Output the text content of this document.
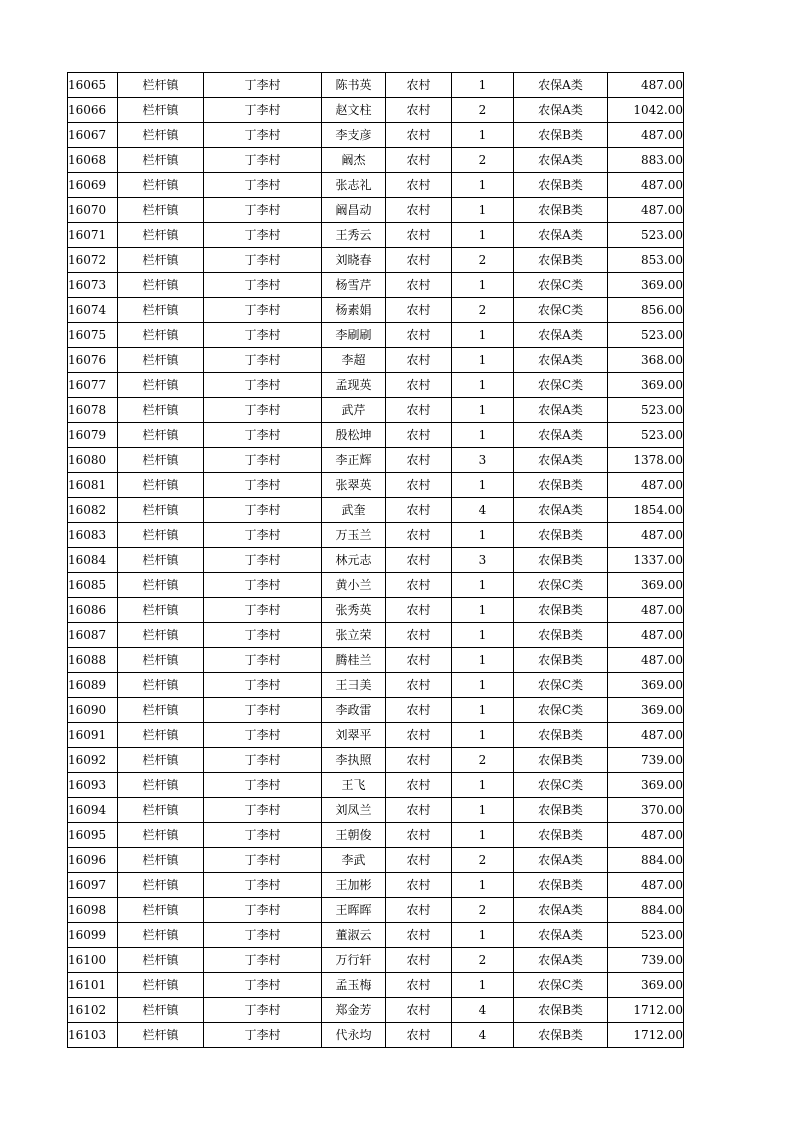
16065	栏杆镇	丁李村	陈书英	农村	1	农保A类	487.00
16066	栏杆镇	丁李村	赵文柱	农村	2	农保A类	1042.00
16067	栏杆镇	丁李村	李支彦	农村	1	农保B类	487.00
16068	栏杆镇	丁李村	阚杰	农村	2	农保A类	883.00
16069	栏杆镇	丁李村	张志礼	农村	1	农保B类	487.00
16070	栏杆镇	丁李村	阚昌动	农村	1	农保B类	487.00
16071	栏杆镇	丁李村	王秀云	农村	1	农保A类	523.00
16072	栏杆镇	丁李村	刘晓春	农村	2	农保B类	853.00
16073	栏杆镇	丁李村	杨雪芹	农村	1	农保C类	369.00
16074	栏杆镇	丁李村	杨素娟	农村	2	农保C类	856.00
16075	栏杆镇	丁李村	李刷刷	农村	1	农保A类	523.00
16076	栏杆镇	丁李村	李超	农村	1	农保A类	368.00
16077	栏杆镇	丁李村	孟现英	农村	1	农保C类	369.00
16078	栏杆镇	丁李村	武芹	农村	1	农保A类	523.00
16079	栏杆镇	丁李村	殷松坤	农村	1	农保A类	523.00
16080	栏杆镇	丁李村	李正辉	农村	3	农保A类	1378.00
16081	栏杆镇	丁李村	张翠英	农村	1	农保B类	487.00
16082	栏杆镇	丁李村	武奎	农村	4	农保A类	1854.00
16083	栏杆镇	丁李村	万玉兰	农村	1	农保B类	487.00
16084	栏杆镇	丁李村	林元志	农村	3	农保B类	1337.00
16085	栏杆镇	丁李村	黄小兰	农村	1	农保C类	369.00
16086	栏杆镇	丁李村	张秀英	农村	1	农保B类	487.00
16087	栏杆镇	丁李村	张立荣	农村	1	农保B类	487.00
16088	栏杆镇	丁李村	腾桂兰	农村	1	农保B类	487.00
16089	栏杆镇	丁李村	王彐美	农村	1	农保C类	369.00
16090	栏杆镇	丁李村	李政雷	农村	1	农保C类	369.00
16091	栏杆镇	丁李村	刘翠平	农村	1	农保B类	487.00
16092	栏杆镇	丁李村	李执照	农村	2	农保B类	739.00
16093	栏杆镇	丁李村	王飞	农村	1	农保C类	369.00
16094	栏杆镇	丁李村	刘凤兰	农村	1	农保B类	370.00
16095	栏杆镇	丁李村	王朝俊	农村	1	农保B类	487.00
16096	栏杆镇	丁李村	李武	农村	2	农保A类	884.00
16097	栏杆镇	丁李村	王加彬	农村	1	农保B类	487.00
16098	栏杆镇	丁李村	王晖晖	农村	2	农保A类	884.00
16099	栏杆镇	丁李村	董淑云	农村	1	农保A类	523.00
16100	栏杆镇	丁李村	万行轩	农村	2	农保A类	739.00
16101	栏杆镇	丁李村	孟玉梅	农村	1	农保C类	369.00
16102	栏杆镇	丁李村	郑金芳	农村	4	农保B类	1712.00
16103	栏杆镇	丁李村	代永均	农村	4	农保B类	1712.00
